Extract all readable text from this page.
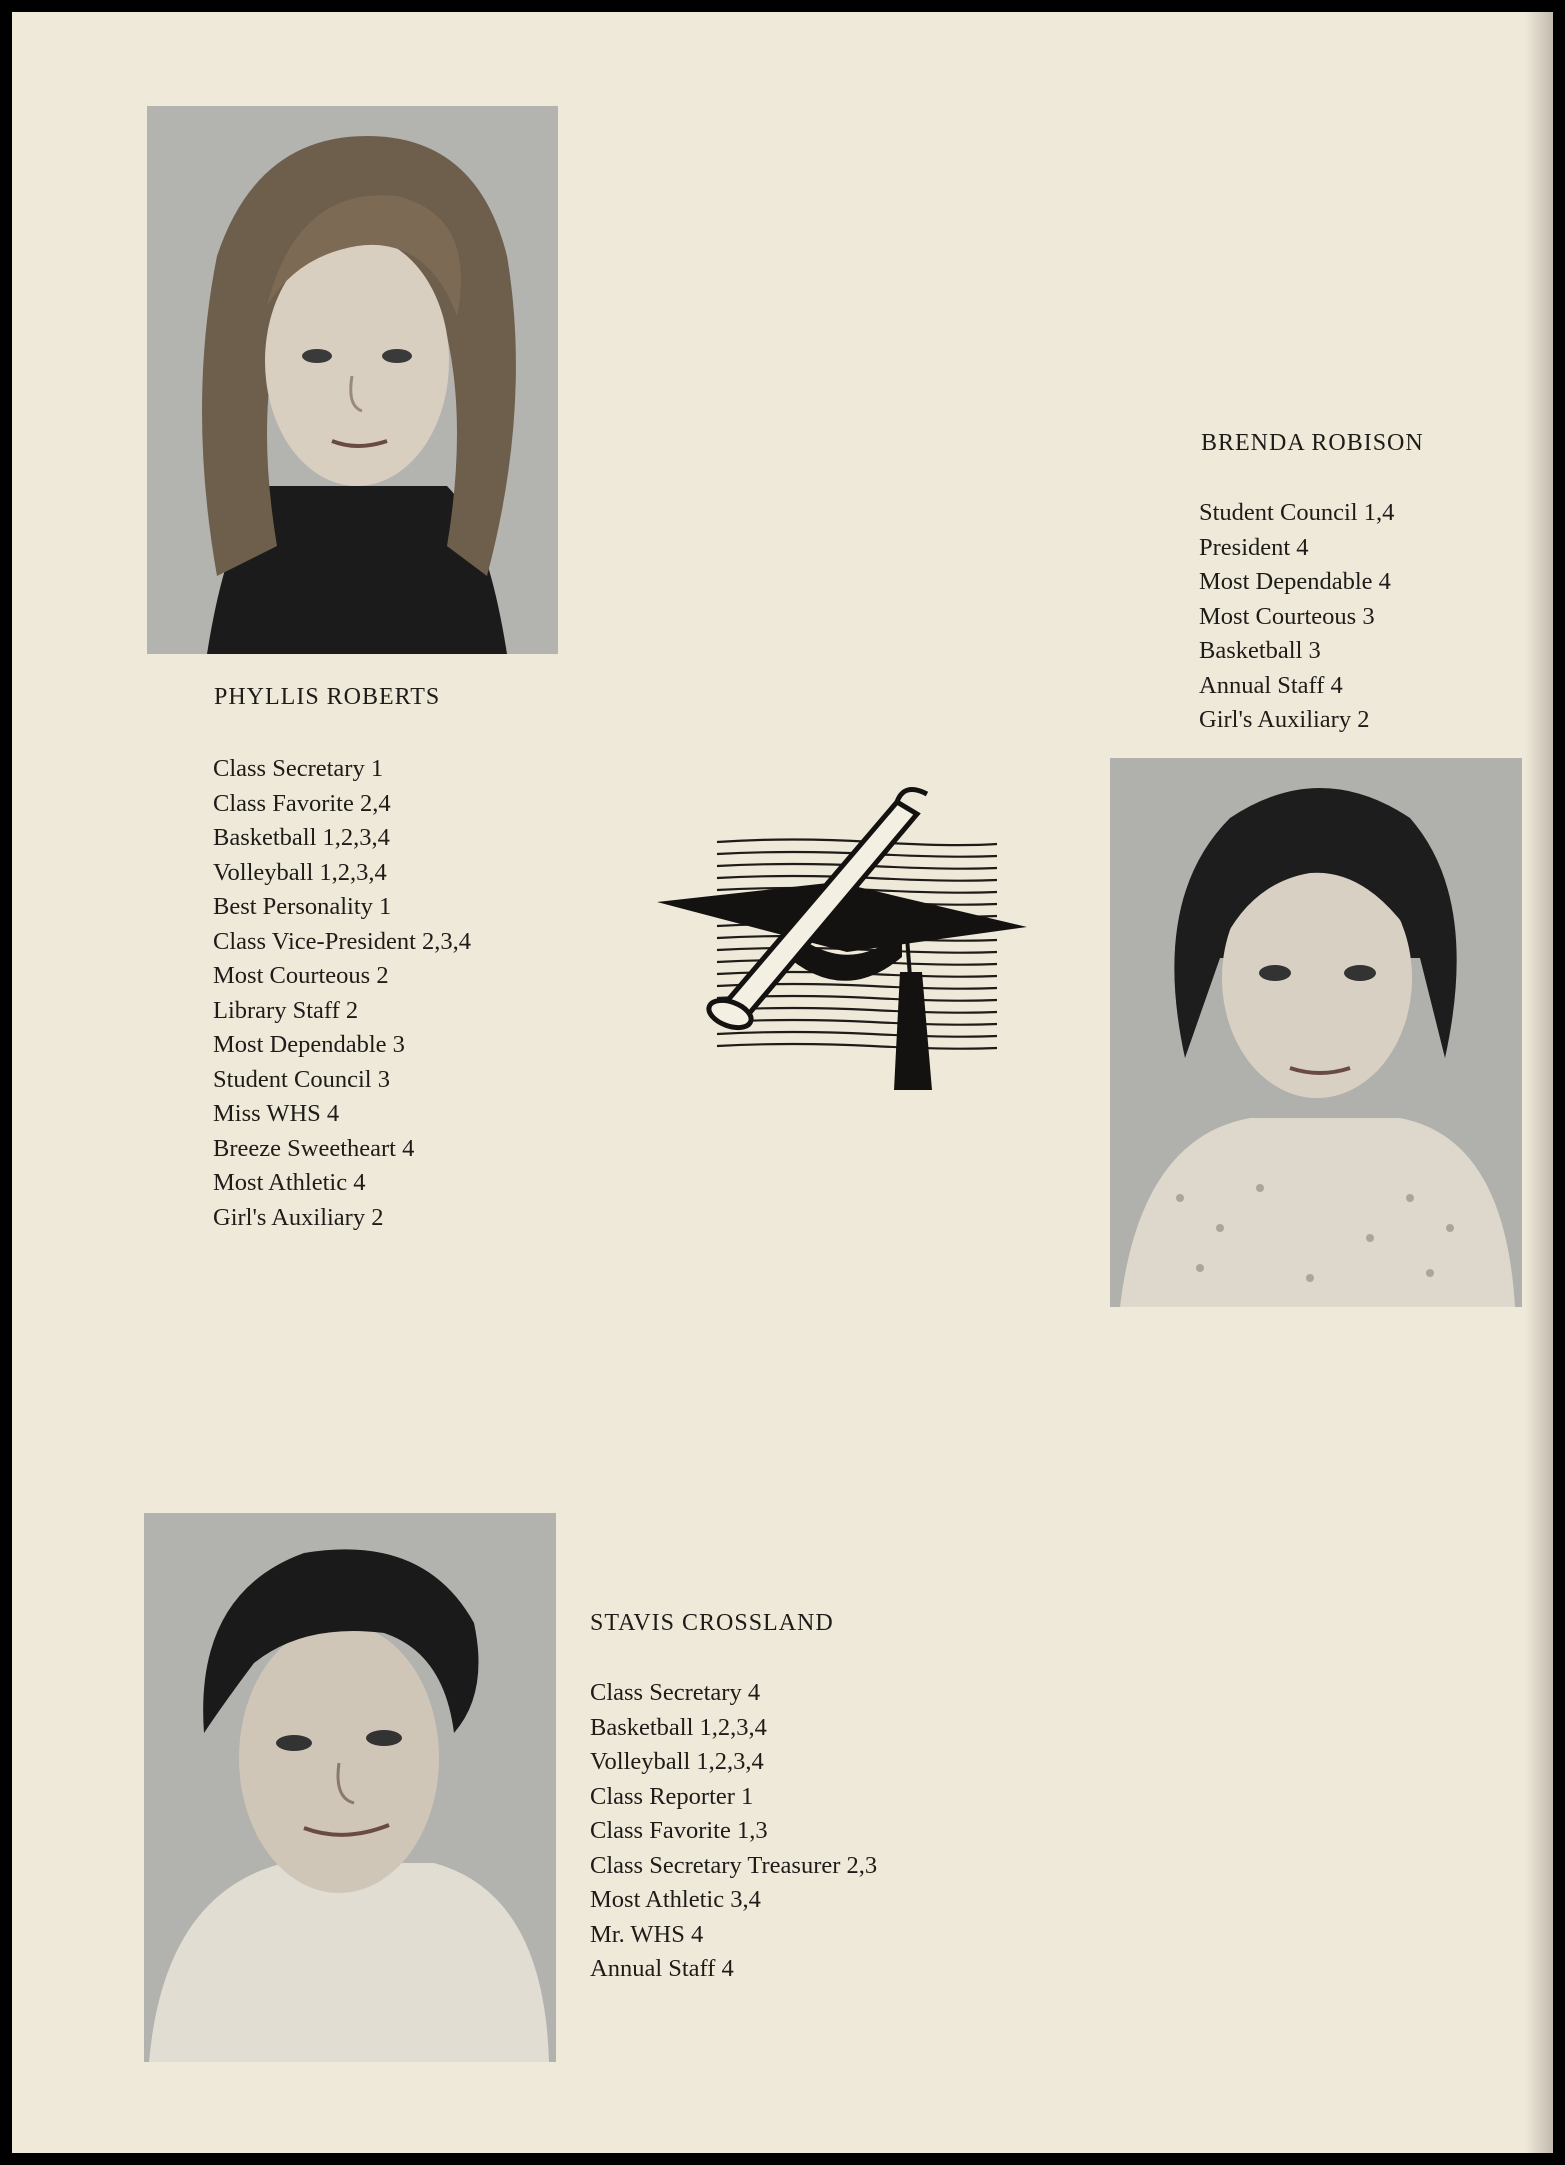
PHYLLIS ROBERTS
Class Secretary 1
Class Favorite 2,4
Basketball 1,2,3,4
Volleyball 1,2,3,4
Best Personality 1
Class Vice-President 2,3,4
Most Courteous 2
Library Staff 2
Most Dependable 3
Student Council 3
Miss WHS 4
Breeze Sweetheart 4
Most Athletic 4
Girl's Auxiliary 2
BRENDA ROBISON
Student Council 1,4
President 4
Most Dependable 4
Most Courteous 3
Basketball 3
Annual Staff 4
Girl's Auxiliary 2
STAVIS CROSSLAND
Class Secretary 4
Basketball 1,2,3,4
Volleyball 1,2,3,4
Class Reporter 1
Class Favorite 1,3
Class Secretary Treasurer 2,3
Most Athletic 3,4
Mr. WHS 4
Annual Staff 4
